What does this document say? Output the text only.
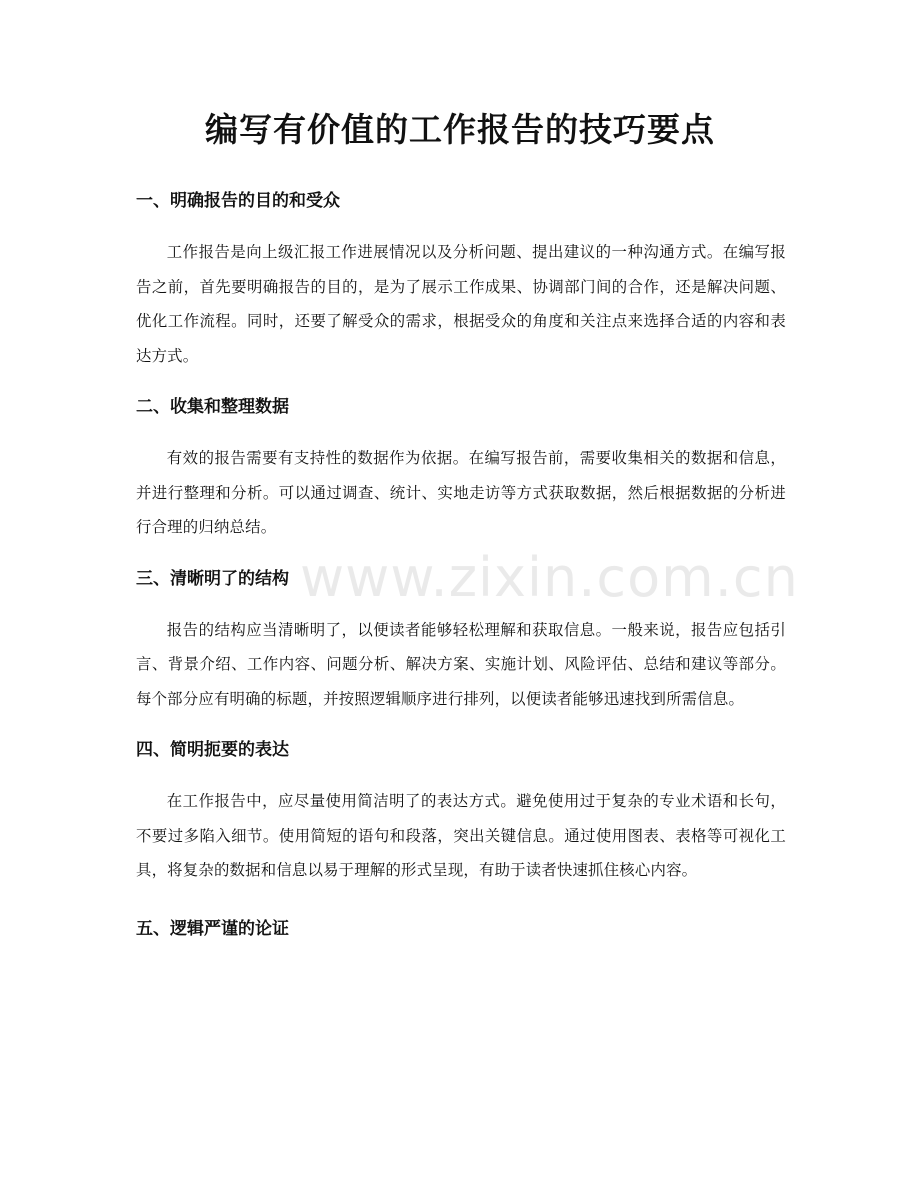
编写有价值的工作报告的技巧要点
一、明确报告的目的和受众

工作报告是向上级汇报工作进展情况以及分析问题、提出建议的一种沟通方式。在编写报告之前，首先要明确报告的目的，是为了展示工作成果、协调部门间的合作，还是解决问题、优化工作流程。同时，还要了解受众的需求，根据受众的角度和关注点来选择合适的内容和表达方式。

二、收集和整理数据

有效的报告需要有支持性的数据作为依据。在编写报告前，需要收集相关的数据和信息，并进行整理和分析。可以通过调查、统计、实地走访等方式获取数据，然后根据数据的分析进行合理的归纳总结。

三、清晰明了的结构

报告的结构应当清晰明了，以便读者能够轻松理解和获取信息。一般来说，报告应包括引言、背景介绍、工作内容、问题分析、解决方案、实施计划、风险评估、总结和建议等部分。每个部分应有明确的标题，并按照逻辑顺序进行排列，以便读者能够迅速找到所需信息。

四、简明扼要的表达

在工作报告中，应尽量使用简洁明了的表达方式。避免使用过于复杂的专业术语和长句，不要过多陷入细节。使用简短的语句和段落，突出关键信息。通过使用图表、表格等可视化工具，将复杂的数据和信息以易于理解的形式呈现，有助于读者快速抓住核心内容。

五、逻辑严谨的论证
www.zixin.com.cn
